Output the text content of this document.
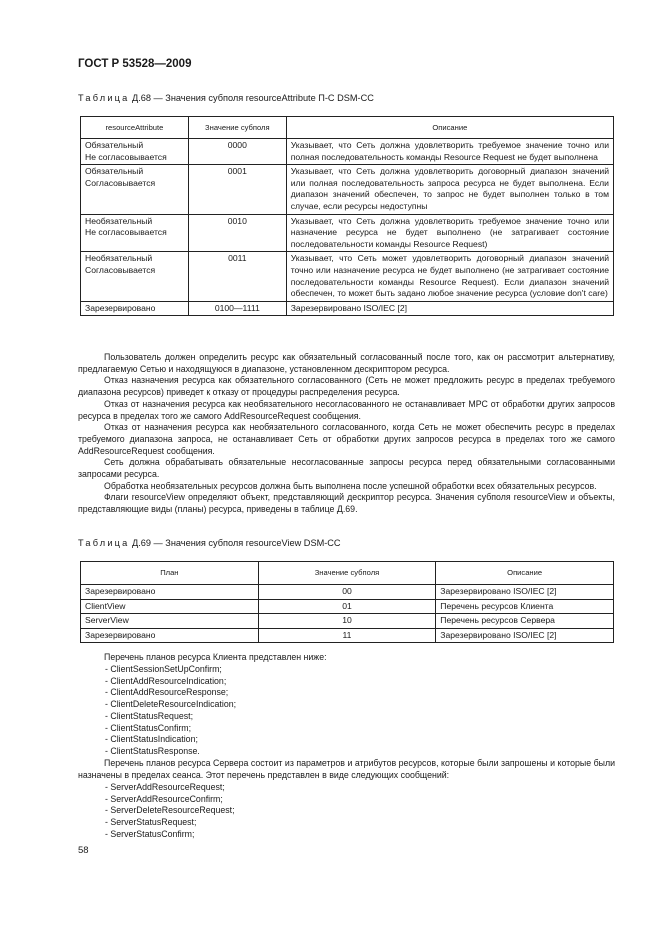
ГОСТ Р 53528—2009
Таблица Д.68 — Значения субполя resourceAttribute П-С DSM-CC
resourceAttribute	Значение субполя	Описание
Обязательный
Не согласовывается	0000	Указывает, что Сеть должна удовлетворить требуемое значение точно или полная последовательность команды Resource Request не будет выполнена
Обязательный
Согласовывается	0001	Указывает, что Сеть должна удовлетворить договорный диапазон значений или полная последовательность запроса ресурса не будет выполнена. Если диапазон значений обеспечен, то запрос не будет выполнен только в том случае, если ресурсы недоступны
Необязательный
Не согласовывается	0010	Указывает, что Сеть должна удовлетворить требуемое значение точно или назначение ресурса не будет выполнено (не затрагивает состояние последовательности команды Resource Request)
Необязательный
Согласовывается	0011	Указывает, что Сеть может удовлетворить договорный диапазон значений точно или назначение ресурса не будет выполнено (не затрагивает состояние последовательности команды Resource Request). Если диапазон значений обеспечен, то может быть задано любое значение ресурса (условие don't care)
Зарезервировано	0100—1111	Зарезервировано ISO/IEC [2]

Пользователь должен определить ресурс как обязательный согласованный после того, как он рассмотрит альтернативу, предлагаемую Сетью и находящуюся в диапазоне, установленном дескриптором ресурса.

Отказ назначения ресурса как обязательного согласованного (Сеть не может предложить ресурс в пределах требуемого диапазона ресурсов) приведет к отказу от процедуры распределения ресурса.

Отказ от назначения ресурса как необязательного несогласованного не останавливает МРС от обработки других запросов ресурса в пределах того же самого AddResourceRequest сообщения.

Отказ от назначения ресурса как необязательного согласованного, когда Сеть не может обеспечить ресурс в пределах требуемого диапазона запроса, не останавливает Сеть от обработки других запросов ресурса в пределах того же самого AddResourceRequest сообщения.

Сеть должна обрабатывать обязательные несогласованные запросы ресурса перед обязательными согласованными запросами ресурса.

Обработка необязательных ресурсов должна быть выполнена после успешной обработки всех обязательных ресурсов.

Флаги resourceView определяют объект, представляющий дескриптор ресурса. Значения субполя resourceView и объекты, представляющие виды (планы) ресурса, приведены в таблице Д.69.

Таблица Д.69 — Значения субполя resourceView DSM-CC
План	Значение субполя	Описание
Зарезервировано	00	Зарезервировано ISO/IEC [2]
ClientView	01	Перечень ресурсов Клиента
ServerView	10	Перечень ресурсов Сервера
Зарезервировано	11	Зарезервировано ISO/IEC [2]
Перечень планов ресурса Клиента представлен ниже:
- ClientSessionSetUpConfirm;
- ClientAddResourceIndication;
- ClientAddResourceResponse;
- ClientDeleteResourceIndication;
- ClientStatusRequest;
- ClientStatusConfirm;
- ClientStatusIndication;
- ClientStatusResponse.
Перечень планов ресурса Сервера состоит из параметров и атрибутов ресурсов, которые были запрошены и которые были назначены в пределах сеанса. Этот перечень представлен в виде следующих сообщений:
- ServerAddResourceRequest;
- ServerAddResourceConfirm;
- ServerDeleteResourceRequest;
- ServerStatusRequest;
- ServerStatusConfirm;
58
